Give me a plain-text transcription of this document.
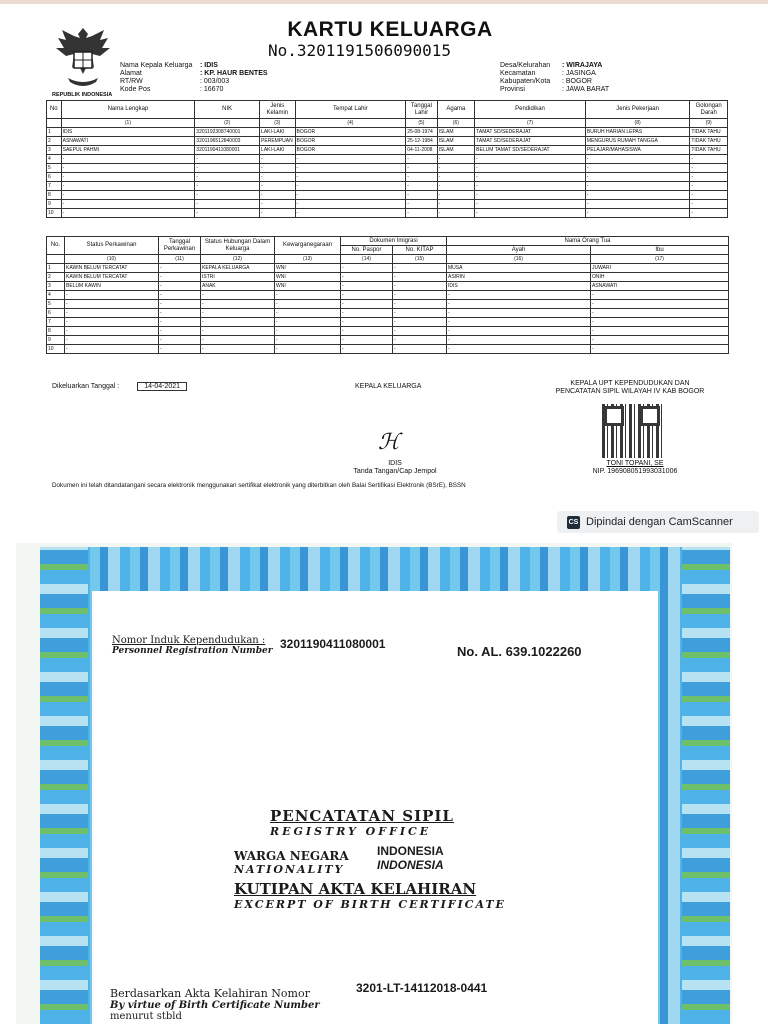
REPUBLIK INDONESIA
KARTU KELUARGA
No.3201191506090015
Nama Kepala Keluarga : IDIS
Alamat	: KP. HAUR BENTES
RT/RW	: 003/003
Kode Pos	: 16670
Desa/Kelurahan : WIRAJAYA
Kecamatan	: JASINGA
Kabupaten/Kota : BOGOR
Provinsi	: JAWA BARAT
No	Nama Lengkap	NIK	Jenis Kelamin	Tempat Lahir	Tanggal Lahir	Agama	Pendidikan	Jenis Pekerjaan	Golongan Darah
	(1)	(2)	(3)	(4)	(5)	(6)	(7)	(8)	(9)
1	IDIS	3201192308740001	LAKI-LAKI	BOGOR	25-08-1974	ISLAM	TAMAT SD/SEDERAJAT	BURUH HARIAN LEPAS	TIDAK TAHU
2	ASNAWATI	3201196512840003	PEREMPUAN	BOGOR	25-12-1984	ISLAM	TAMAT SD/SEDERAJAT	MENGURUS RUMAH TANGGA	TIDAK TAHU
3	SAEPUL PAHMI	3201190411080001	LAKI-LAKI	BOGOR	04-11-2008	ISLAM	BELUM TAMAT SD/SEDERAJAT	PELAJAR/MAHASISWA	TIDAK TAHU
4	-	-	-	-	-	-	-	-	-
5	-	-	-	-	-	-	-	-	-
6	-	-	-	-	-	-	-	-	-
7	-	-	-	-	-	-	-	-	-
8	-	-	-	-	-	-	-	-	-
9	-	-	-	-	-	-	-	-	-
10	-	-	-	-	-	-	-	-	-
No.	Status Perkawinan	Tanggal Perkawinan	Status Hubungan Dalam Keluarga	Kewarganegaraan	Dokumen Imigrasi		Nama Orang Tua	
					No. Paspor	No. KITAP	Ayah	Ibu
	(10)	(11)	(12)	(13)	(14)	(15)	(16)	(17)
1	KAWIN BELUM TERCATAT	-	KEPALA KELUARGA	WNI	-	-	MUSA	JUWARI
2	KAWIN BELUM TERCATAT	-	ISTRI	WNI	-	-	ASIRIN	ONIH
3	BELUM KAWIN	-	ANAK	WNI	-	-	IDIS	ASNAWATI
4	-	-	-	-	-	-	-	-
5	-	-	-	-	-	-	-	-
6	-	-	-	-	-	-	-	-
7	-	-	-	-	-	-	-	-
8	-	-	-	-	-	-	-	-
9	-	-	-	-	-	-	-	-
10	-	-	-	-	-	-	-	-
Dikeluarkan Tanggal :	14-04-2021	KEPALA KELUARGA	KEPALA UPT KEPENDUDUKAN DAN
PENCATATAN SIPIL WILAYAH IV KAB BOGOR
ℋ
IDIS
Tanda Tangan/Cap Jempol
TONI TOPANI, SE
NIP. 196908051993031006
Dokumen ini telah ditandatangani secara elektronik menggunakan sertifikat elektronik yang diterbitkan oleh Balai Sertifikasi Elektronik (BSrE), BSSN
CS Dipindai dengan CamScanner
Nomor Induk Kependudukan :
Personnel Registration Number 3201190411080001	No. AL. 639.1022260
PENCATATAN SIPIL
REGISTRY OFFICE
WARGA NEGARA
NATIONALITY
INDONESIA
INDONESIA
KUTIPAN AKTA KELAHIRAN
EXCERPT OF BIRTH CERTIFICATE
Berdasarkan Akta Kelahiran Nomor
By virtue of Birth Certificate Number
menurut stbld
3201-LT-14112018-0441
